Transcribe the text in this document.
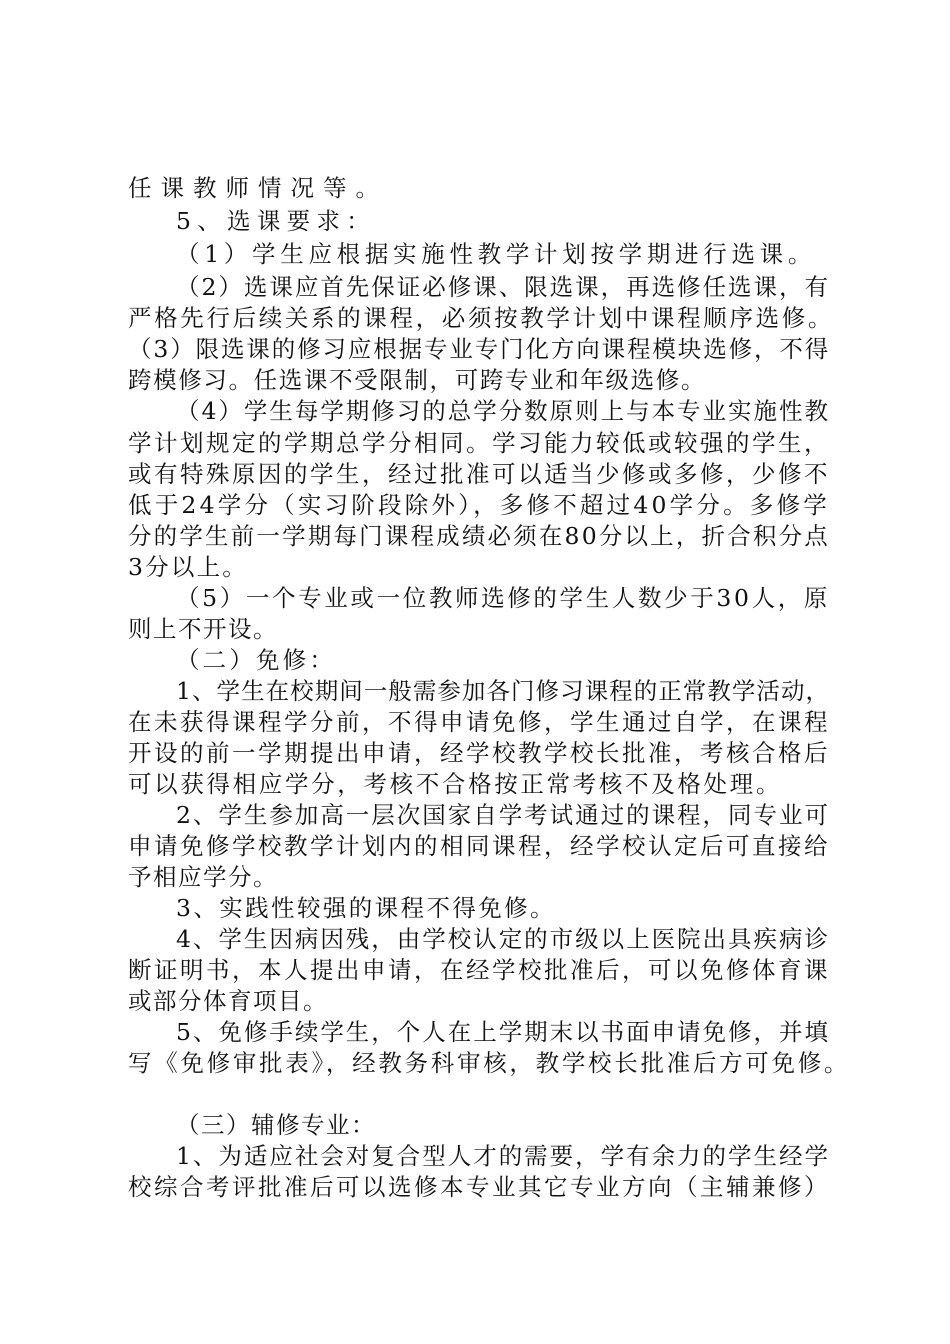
任课教师情况等。
5、选课要求：
（1）学生应根据实施性教学计划按学期进行选课。
（2）选课应首先保证必修课、限选课，再选修任选课，有
严格先行后续关系的课程，必须按教学计划中课程顺序选修。
（3）限选课的修习应根据专业专门化方向课程模块选修，不得
跨模修习。任选课不受限制，可跨专业和年级选修。
（4）学生每学期修习的总学分数原则上与本专业实施性教
学计划规定的学期总学分相同。学习能力较低或较强的学生，
或有特殊原因的学生，经过批准可以适当少修或多修，少修不
低于24学分（实习阶段除外），多修不超过40学分。多修学
分的学生前一学期每门课程成绩必须在80分以上，折合积分点
3分以上。
（5）一个专业或一位教师选修的学生人数少于30人，原
则上不开设。
（二）免修：
1、学生在校期间一般需参加各门修习课程的正常教学活动，
在未获得课程学分前，不得申请免修，学生通过自学，在课程
开设的前一学期提出申请，经学校教学校长批准，考核合格后
可以获得相应学分，考核不合格按正常考核不及格处理。
2、学生参加高一层次国家自学考试通过的课程，同专业可
申请免修学校教学计划内的相同课程，经学校认定后可直接给
予相应学分。
3、实践性较强的课程不得免修。
4、学生因病因残，由学校认定的市级以上医院出具疾病诊
断证明书，本人提出申请，在经学校批准后，可以免修体育课
或部分体育项目。
5、免修手续学生，个人在上学期末以书面申请免修，并填
写《免修审批表》，经教务科审核，教学校长批准后方可免修。
（三）辅修专业：
1、为适应社会对复合型人才的需要，学有余力的学生经学
校综合考评批准后可以选修本专业其它专业方向（主辅兼修）
